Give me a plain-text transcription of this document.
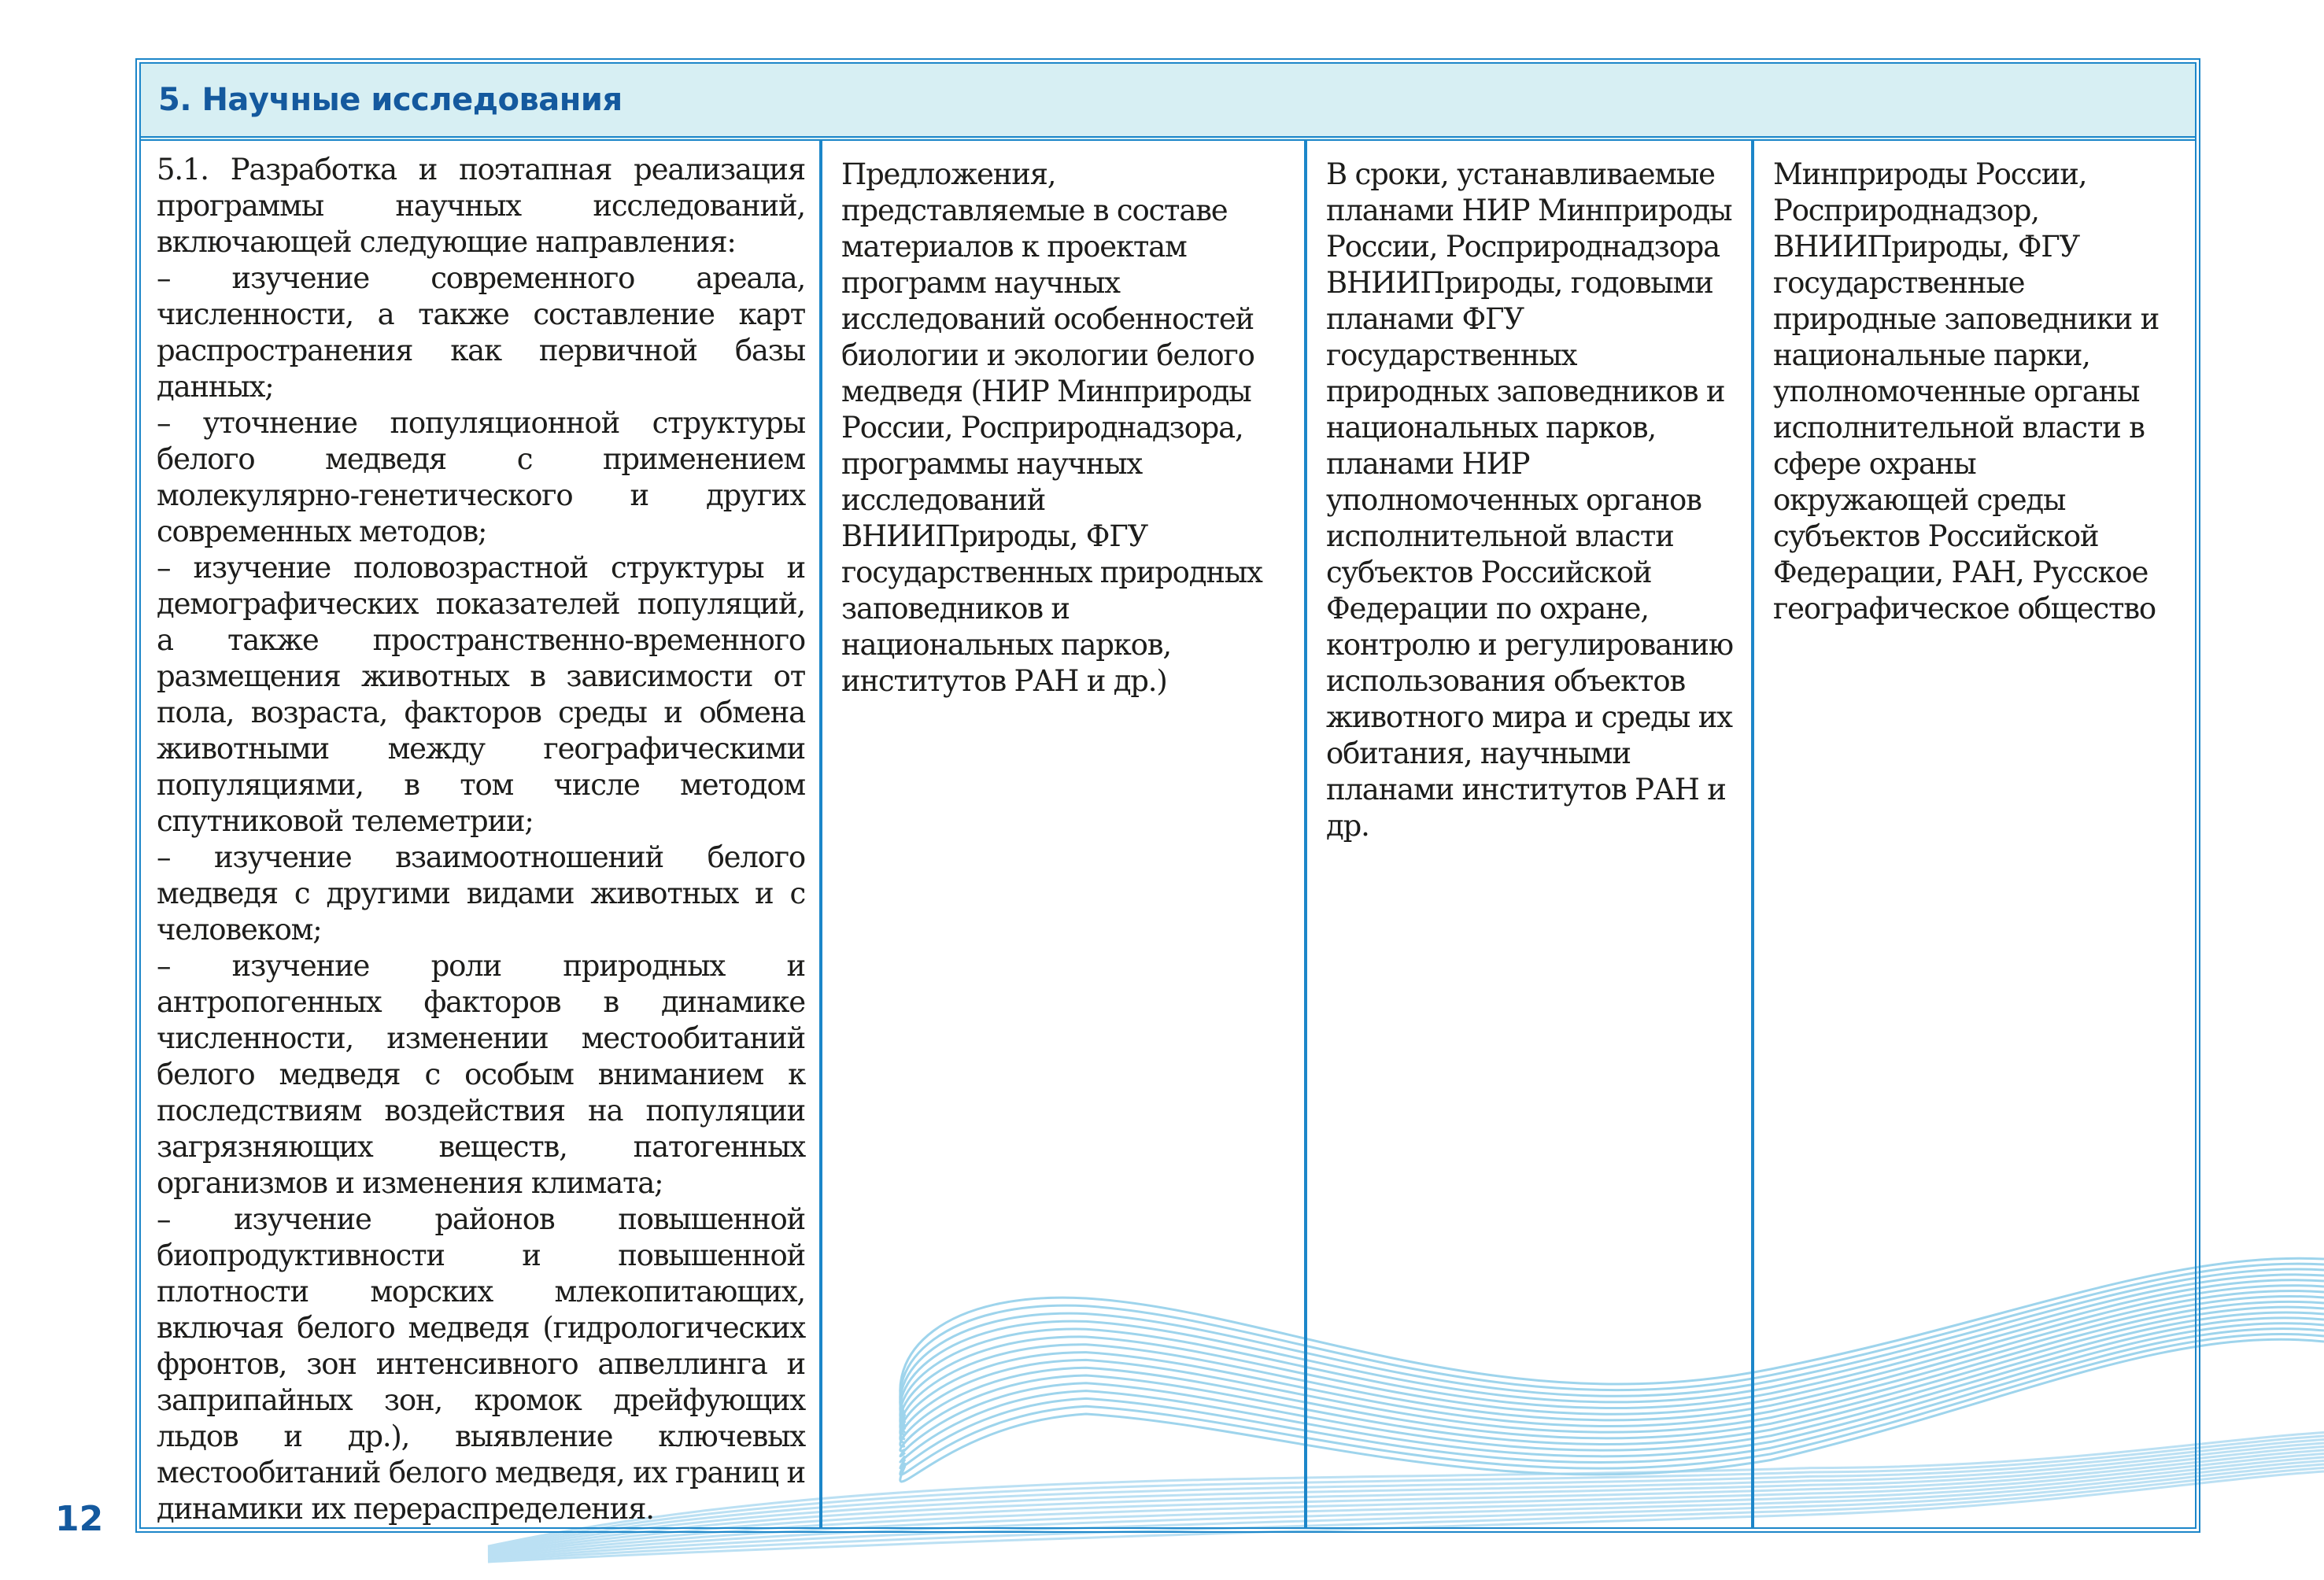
5. Научные исследования

5.1. Разработка и поэтапная реализация программы научных исследований, включающей следующие направления:

– изучение современного ареала, численности, а также составление карт распространения как первичной базы данных;

– уточнение популяционной структуры белого медведя с применением молекулярно-генетического и других современных методов;

– изучение половозрастной структуры и демографических показателей популяций, а также пространственно-временного размещения животных в зависимости от пола, возраста, факторов среды и обмена животными между географическими популяциями, в том числе методом спутниковой телеметрии;

– изучение взаимоотношений белого медведя с другими видами животных и с человеком;

– изучение роли природных и антропогенных факторов в динамике численности, изменении местообитаний белого медведя с особым вниманием к последствиям воздействия на популяции загрязняющих веществ, патогенных организмов и изменения климата;

– изучение районов повышенной биопродуктивности и повышенной плотности морских млекопитающих, включая белого медведя (гидрологических фронтов, зон интенсивного апвеллинга и заприпайных зон, кромок дрейфующих льдов и др.), выявление ключевых местообитаний белого медведя, их границ и динамики их перераспределения.

Предложения, представляемые в составе материалов к проектам программ научных исследований особенностей биологии и экологии белого медведя (НИР Минприроды России, Росприроднадзора, программы научных исследований ВНИИПрироды, ФГУ государственных природных заповедников и национальных парков, институтов РАН и др.)

В сроки, устанавливаемые планами НИР Минприроды России, Росприроднадзора ВНИИПрироды, годовыми планами ФГУ государственных природных заповедников и национальных парков, планами НИР уполномоченных органов исполнительной власти субъектов Российской Федерации по охране, контролю и регулированию использования объектов животного мира и среды их обитания, научными планами институтов РАН и др.

Минприроды России, Росприроднадзор, ВНИИПрироды, ФГУ государственные природные заповедники и национальные парки, уполномоченные органы исполнительной власти в сфере охраны окружающей среды субъектов Российской Федерации, РАН, Русское географическое общество

12
